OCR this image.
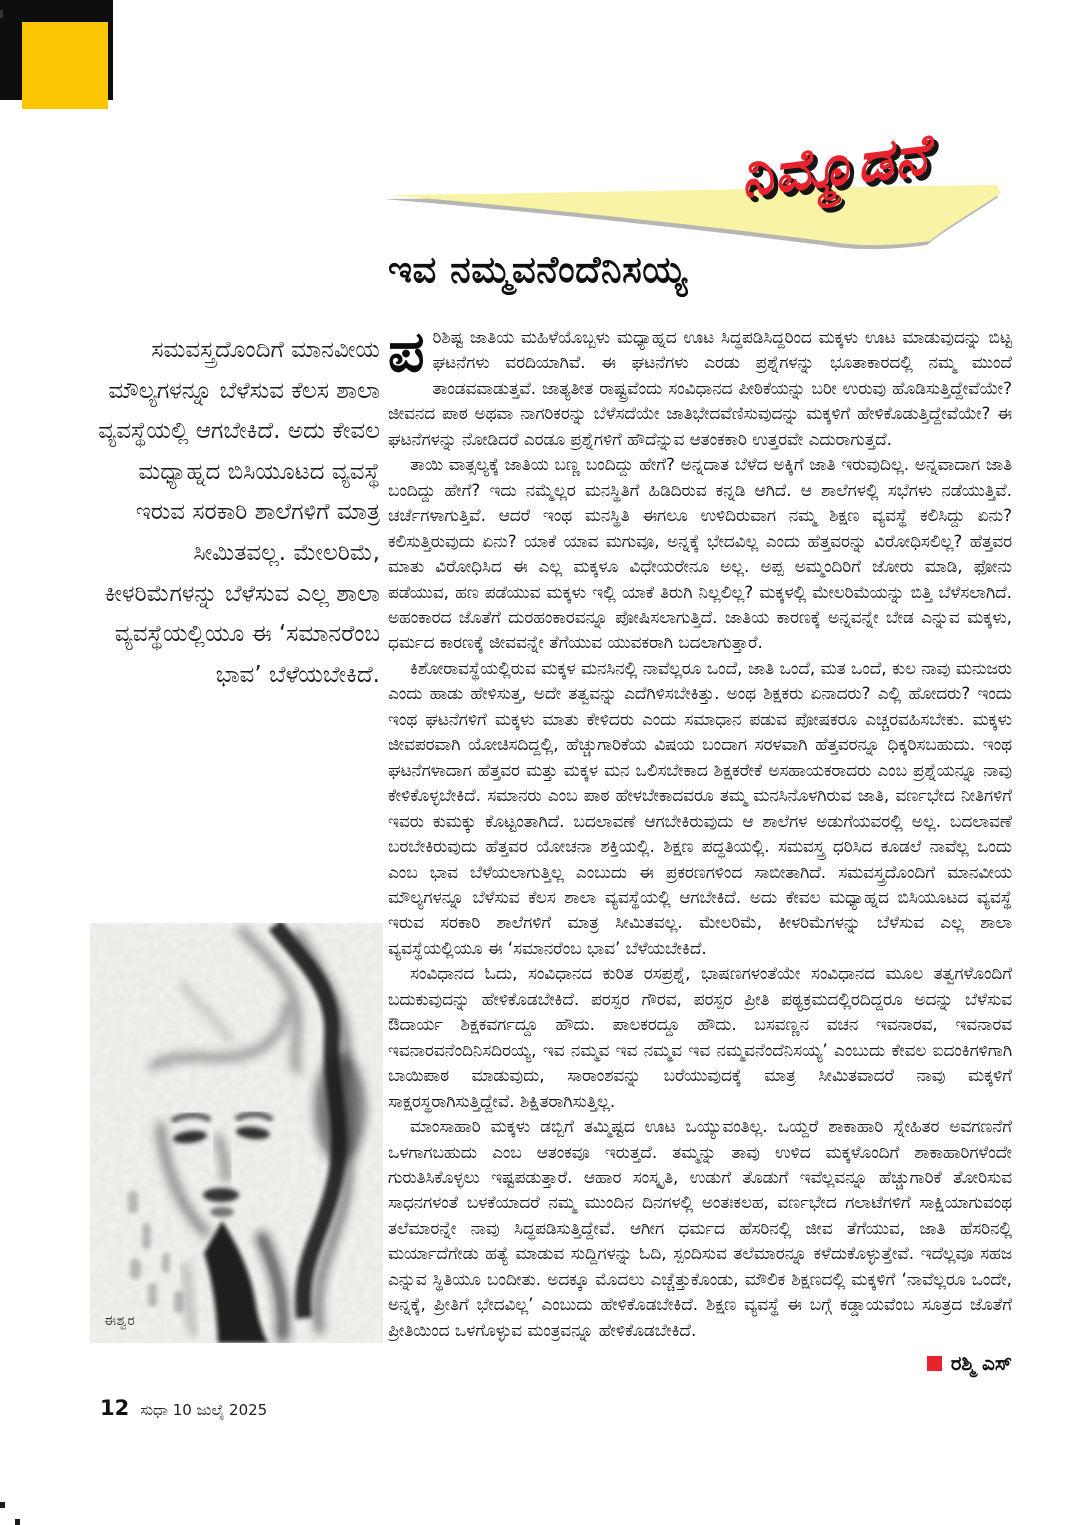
ನಿಮ್ಮೊಡನೆ
ಇವ ನಮ್ಮವನೆಂದೆನಿಸಯ್ಯ
ಸಮವಸ್ತ್ರದೊಂದಿಗೆ ಮಾನವೀಯ ಮೌಲ್ಯಗಳನ್ನೂ ಬೆಳೆಸುವ ಕೆಲಸ ಶಾಲಾ ವ್ಯವಸ್ಥೆಯಲ್ಲಿ ಆಗಬೇಕಿದೆ. ಅದು ಕೇವಲ ಮಧ್ಯಾಹ್ನದ ಬಿಸಿಯೂಟದ ವ್ಯವಸ್ಥೆ ಇರುವ ಸರಕಾರಿ ಶಾಲೆಗಳಿಗೆ ಮಾತ್ರ ಸೀಮಿತವಲ್ಲ. ಮೇಲರಿಮೆ, ಕೀಳರಿಮೆಗಳನ್ನು ಬೆಳೆಸುವ ಎಲ್ಲ ಶಾಲಾ ವ್ಯವಸ್ಥೆಯಲ್ಲಿಯೂ ಈ ‘ಸಮಾನರೆಂಬ ಭಾವ’ ಬೆಳೆಯಬೇಕಿದೆ.
ಈಶ್ವರ

ಪರಿಶಿಷ್ಟ ಜಾತಿಯ ಮಹಿಳೆಯೊಬ್ಬಳು ಮಧ್ಯಾಹ್ನದ ಊಟ ಸಿದ್ಧಪಡಿಸಿದ್ದರಿಂದ ಮಕ್ಕಳು ಊಟ ಮಾಡುವುದನ್ನು ಬಿಟ್ಟ ಘಟನೆಗಳು ವರದಿಯಾಗಿವೆ. ಈ ಘಟನೆಗಳು ಎರಡು ಪ್ರಶ್ನೆಗಳನ್ನು ಭೂತಾಕಾರದಲ್ಲಿ ನಮ್ಮ ಮುಂದೆ ತಾಂಡವವಾಡುತ್ತವೆ. ಜಾತ್ಯತೀತ ರಾಷ್ಟ್ರವೆಂದು ಸಂವಿಧಾನದ ಪೀಠಿಕೆಯನ್ನು ಬರೀ ಉರುವು ಹೊಡಿಸುತ್ತಿದ್ದೇವೆಯೇ? ಜೀವನದ ಪಾಠ ಅಥವಾ ನಾಗರಿಕರನ್ನು ಬೆಳೆಸದೆಯೇ ಜಾತಿಭೇದವೆಣಿಸುವುದನ್ನು ಮಕ್ಕಳಿಗೆ ಹೇಳಿಕೊಡುತ್ತಿದ್ದೇವೆಯೇ? ಈ ಘಟನೆಗಳನ್ನು ನೋಡಿದರೆ ಎರಡೂ ಪ್ರಶ್ನೆಗಳಿಗೆ ಹೌದೆನ್ನುವ ಆತಂಕಕಾರಿ ಉತ್ತರವೇ ಎದುರಾಗುತ್ತದೆ.

ತಾಯಿ ವಾತ್ಸಲ್ಯಕ್ಕೆ ಜಾತಿಯ ಬಣ್ಣ ಬಂದಿದ್ದು ಹೇಗೆ? ಅನ್ನದಾತ ಬೆಳೆದ ಅಕ್ಕಿಗೆ ಜಾತಿ ಇರುವುದಿಲ್ಲ. ಅನ್ನವಾದಾಗ ಜಾತಿ ಬಂದಿದ್ದು ಹೇಗೆ? ಇದು ನಮ್ಮೆಲ್ಲರ ಮನಸ್ಥಿತಿಗೆ ಹಿಡಿದಿರುವ ಕನ್ನಡಿ ಆಗಿದೆ. ಆ ಶಾಲೆಗಳಲ್ಲಿ ಸಭೆಗಳು ನಡೆಯುತ್ತಿವೆ. ಚರ್ಚೆಗಳಾಗುತ್ತಿವೆ. ಆದರೆ ಇಂಥ ಮನಸ್ಥಿತಿ ಈಗಲೂ ಉಳಿದಿರುವಾಗ ನಮ್ಮ ಶಿಕ್ಷಣ ವ್ಯವಸ್ಥೆ ಕಲಿಸಿದ್ದು ಏನು? ಕಲಿಸುತ್ತಿರುವುದು ಏನು? ಯಾಕೆ ಯಾವ ಮಗುವೂ, ಅನ್ನಕ್ಕೆ ಭೇದವಿಲ್ಲ ಎಂದು ಹೆತ್ತವರನ್ನು ವಿರೋಧಿಸಲಿಲ್ಲ? ಹೆತ್ತವರ ಮಾತು ವಿರೋಧಿಸಿದ ಈ ಎಲ್ಲ ಮಕ್ಕಳೂ ವಿಧೇಯರೇನೂ ಅಲ್ಲ. ಅಪ್ಪ ಅಮ್ಮಂದಿರಿಗೆ ಜೋರು ಮಾಡಿ, ಫೋನು ಪಡೆಯುವ, ಹಣ ಪಡೆಯುವ ಮಕ್ಕಳು ಇಲ್ಲಿ ಯಾಕೆ ತಿರುಗಿ ನಿಲ್ಲಲಿಲ್ಲ? ಮಕ್ಕಳಲ್ಲಿ ಮೇಲರಿಮೆಯನ್ನು ಬಿತ್ತಿ ಬೆಳೆಸಲಾಗಿದೆ. ಅಹಂಕಾರದ ಜೊತೆಗೆ ದುರಹಂಕಾರವನ್ನೂ ಪೋಷಿಸಲಾಗುತ್ತಿದೆ. ಜಾತಿಯ ಕಾರಣಕ್ಕೆ ಅನ್ನವನ್ನೇ ಬೇಡ ಎನ್ನುವ ಮಕ್ಕಳು, ಧರ್ಮದ ಕಾರಣಕ್ಕೆ ಜೀವವನ್ನೇ ತೆಗೆಯುವ ಯುವಕರಾಗಿ ಬದಲಾಗುತ್ತಾರೆ.

ಕಿಶೋರಾವಸ್ಥೆಯಲ್ಲಿರುವ ಮಕ್ಕಳ ಮನಸಿನಲ್ಲಿ ನಾವೆಲ್ಲರೂ ಒಂದೆ, ಜಾತಿ ಒಂದೆ, ಮತ ಒಂದೆ, ಕುಲ ನಾವು ಮನುಜರು ಎಂದು ಹಾಡು ಹೇಳಿಸುತ್ತ, ಅದೇ ತತ್ವವನ್ನು ಎದೆಗಿಳಿಸಬೇಕಿತ್ತು. ಅಂಥ ಶಿಕ್ಷಕರು ಏನಾದರು? ಎಲ್ಲಿ ಹೋದರು? ಇಂದು ಇಂಥ ಘಟನೆಗಳಿಗೆ ಮಕ್ಕಳು ಮಾತು ಕೇಳಿದರು ಎಂದು ಸಮಾಧಾನ ಪಡುವ ಪೋಷಕರೂ ಎಚ್ಚರವಹಿಸಬೇಕು. ಮಕ್ಕಳು ಜೀವಪರವಾಗಿ ಯೋಚಿಸದಿದ್ದಲ್ಲಿ, ಹೆಚ್ಚುಗಾರಿಕೆಯ ವಿಷಯ ಬಂದಾಗ ಸರಳವಾಗಿ ಹೆತ್ತವರನ್ನೂ ಧಿಕ್ಕರಿಸಬಹುದು. ಇಂಥ ಘಟನೆಗಳಾದಾಗ ಹೆತ್ತವರ ಮತ್ತು ಮಕ್ಕಳ ಮನ ಒಲಿಸಬೇಕಾದ ಶಿಕ್ಷಕರೇಕೆ ಅಸಹಾಯಕರಾದರು ಎಂಬ ಪ್ರಶ್ನೆಯನ್ನೂ ನಾವು ಕೇಳಿಕೊಳ್ಳಬೇಕಿದೆ. ಸಮಾನರು ಎಂಬ ಪಾಠ ಹೇಳಬೇಕಾದವರೂ ತಮ್ಮ ಮನಸಿನೊಳಗಿರುವ ಜಾತಿ, ವರ್ಣಭೇದ ನೀತಿಗಳಿಗೆ ಇವರು ಕುಮಕ್ಕು ಕೊಟ್ಟಂತಾಗಿದೆ. ಬದಲಾವಣೆ ಆಗಬೇಕಿರುವುದು ಆ ಶಾಲೆಗಳ ಅಡುಗೆಯವರಲ್ಲಿ ಅಲ್ಲ. ಬದಲಾವಣೆ ಬರಬೇಕಿರುವುದು ಹೆತ್ತವರ ಯೋಚನಾ ಶಕ್ತಿಯಲ್ಲಿ. ಶಿಕ್ಷಣ ಪದ್ಧತಿಯಲ್ಲಿ. ಸಮವಸ್ತ್ರ ಧರಿಸಿದ ಕೂಡಲೆ ನಾವೆಲ್ಲ ಒಂದು ಎಂಬ ಭಾವ ಬೆಳೆಯಲಾಗುತ್ತಿಲ್ಲ ಎಂಬುದು ಈ ಪ್ರಕರಣಗಳಿಂದ ಸಾಬೀತಾಗಿದೆ. ಸಮವಸ್ತ್ರದೊಂದಿಗೆ ಮಾನವೀಯ ಮೌಲ್ಯಗಳನ್ನೂ ಬೆಳೆಸುವ ಕೆಲಸ ಶಾಲಾ ವ್ಯವಸ್ಥೆಯಲ್ಲಿ ಆಗಬೇಕಿದೆ. ಅದು ಕೇವಲ ಮಧ್ಯಾಹ್ನದ ಬಿಸಿಯೂಟದ ವ್ಯವಸ್ಥೆ ಇರುವ ಸರಕಾರಿ ಶಾಲೆಗಳಿಗೆ ಮಾತ್ರ ಸೀಮಿತವಲ್ಲ. ಮೇಲರಿಮೆ, ಕೀಳರಿಮೆಗಳನ್ನು ಬೆಳೆಸುವ ಎಲ್ಲ ಶಾಲಾ ವ್ಯವಸ್ಥೆಯಲ್ಲಿಯೂ ಈ ‘ಸಮಾನರೆಂಬ ಭಾವ’ ಬೆಳೆಯಬೇಕಿದೆ.

ಸಂವಿಧಾನದ ಓದು, ಸಂವಿಧಾನದ ಕುರಿತ ರಸಪ್ರಶ್ನೆ, ಭಾಷಣಗಳಂತೆಯೇ ಸಂವಿಧಾನದ ಮೂಲ ತತ್ವಗಳೊಂದಿಗೆ ಬದುಕುವುದನ್ನು ಹೇಳಿಕೊಡಬೇಕಿದೆ. ಪರಸ್ಪರ ಗೌರವ, ಪರಸ್ಪರ ಪ್ರೀತಿ ಪಠ್ಯಕ್ರಮದಲ್ಲಿರದಿದ್ದರೂ ಅದನ್ನು ಬೆಳೆಸುವ ಔದಾರ್ಯ ಶಿಕ್ಷಕವರ್ಗದ್ದೂ ಹೌದು. ಪಾಲಕರದ್ದೂ ಹೌದು. ಬಸವಣ್ಣನ ವಚನ ಇವನಾರವ, ಇವನಾರವ ಇವನಾರವನೆಂದಿನಿಸದಿರಯ್ಯ, ಇವ ನಮ್ಮವ ಇವ ನಮ್ಮವ ಇವ ನಮ್ಮವನೆಂದೆನಿಸಯ್ಯ’ ಎಂಬುದು ಕೇವಲ ಐದಂಕಿಗಳಿಗಾಗಿ ಬಾಯಿಪಾಠ ಮಾಡುವುದು, ಸಾರಾಂಶವನ್ನು ಬರೆಯುವುದಕ್ಕೆ ಮಾತ್ರ ಸೀಮಿತವಾದರೆ ನಾವು ಮಕ್ಕಳಿಗೆ ಸಾಕ್ಷರಸ್ಥರಾಗಿಸುತ್ತಿದ್ದೇವೆ. ಶಿಕ್ಷಿತರಾಗಿಸುತ್ತಿಲ್ಲ.

ಮಾಂಸಾಹಾರಿ ಮಕ್ಕಳು ಡಬ್ಬಿಗೆ ತಮ್ಮಿಷ್ಟದ ಊಟ ಒಯ್ಯುವಂತಿಲ್ಲ. ಒಯ್ದರೆ ಶಾಕಾಹಾರಿ ಸ್ನೇಹಿತರ ಅವಗಣನೆಗೆ ಒಳಗಾಗಬಹುದು ಎಂಬ ಆತಂಕವೂ ಇರುತ್ತದೆ. ತಮ್ಮನ್ನು ತಾವು ಉಳಿದ ಮಕ್ಕಳೊಂದಿಗೆ ಶಾಕಾಹಾರಿಗಳೆಂದೇ ಗುರುತಿಸಿಕೊಳ್ಳಲು ಇಷ್ಟಪಡುತ್ತಾರೆ. ಆಹಾರ ಸಂಸ್ಕೃತಿ, ಉಡುಗೆ ತೊಡುಗೆ ಇವೆಲ್ಲವನ್ನೂ ಹೆಚ್ಚುಗಾರಿಕೆ ತೋರಿಸುವ ಸಾಧನಗಳಂತೆ ಬಳಕೆಯಾದರೆ ನಮ್ಮ ಮುಂದಿನ ದಿನಗಳಲ್ಲಿ ಅಂತಃಕಲಹ, ವರ್ಣಭೇದ ಗಲಾಟೆಗಳಿಗೆ ಸಾಕ್ಷಿಯಾಗುವಂಥ ತಲೆಮಾರನ್ನೇ ನಾವು ಸಿದ್ಧಪಡಿಸುತ್ತಿದ್ದೇವೆ. ಆಗೀಗ ಧರ್ಮದ ಹೆಸರಿನಲ್ಲಿ ಜೀವ ತೆಗೆಯುವ, ಜಾತಿ ಹೆಸರಿನಲ್ಲಿ ಮರ್ಯಾದೆಗೇಡು ಹತ್ಯೆ ಮಾಡುವ ಸುದ್ದಿಗಳನ್ನು ಓದಿ, ಸ್ಪಂದಿಸುವ ತಲೆಮಾರನ್ನೂ ಕಳೆದುಕೊಳ್ಳುತ್ತೇವೆ. ಇದೆಲ್ಲವೂ ಸಹಜ ಎನ್ನುವ ಸ್ಥಿತಿಯೂ ಬಂದೀತು. ಅದಕ್ಕೂ ಮೊದಲು ಎಚ್ಚೆತ್ತುಕೊಂಡು, ಮೌಲಿಕ ಶಿಕ್ಷಣದಲ್ಲಿ ಮಕ್ಕಳಿಗೆ ‘ನಾವೆಲ್ಲರೂ ಒಂದೇ, ಅನ್ನಕ್ಕೆ, ಪ್ರೀತಿಗೆ ಭೇದವಿಲ್ಲ’ ಎಂಬುದು ಹೇಳಿಕೊಡಬೇಕಿದೆ. ಶಿಕ್ಷಣ ವ್ಯವಸ್ಥೆ ಈ ಬಗ್ಗೆ ಕಡ್ಡಾಯವೆಂಬ ಸೂತ್ರದ ಜೊತೆಗೆ ಪ್ರೀತಿಯಿಂದ ಒಳಗೊಳ್ಳುವ ಮಂತ್ರವನ್ನೂ ಹೇಳಿಕೊಡಬೇಕಿದೆ.

ರಶ್ಮಿ ಎಸ್
12 ಸುಧಾ 10 ಜುಲೈ 2025
